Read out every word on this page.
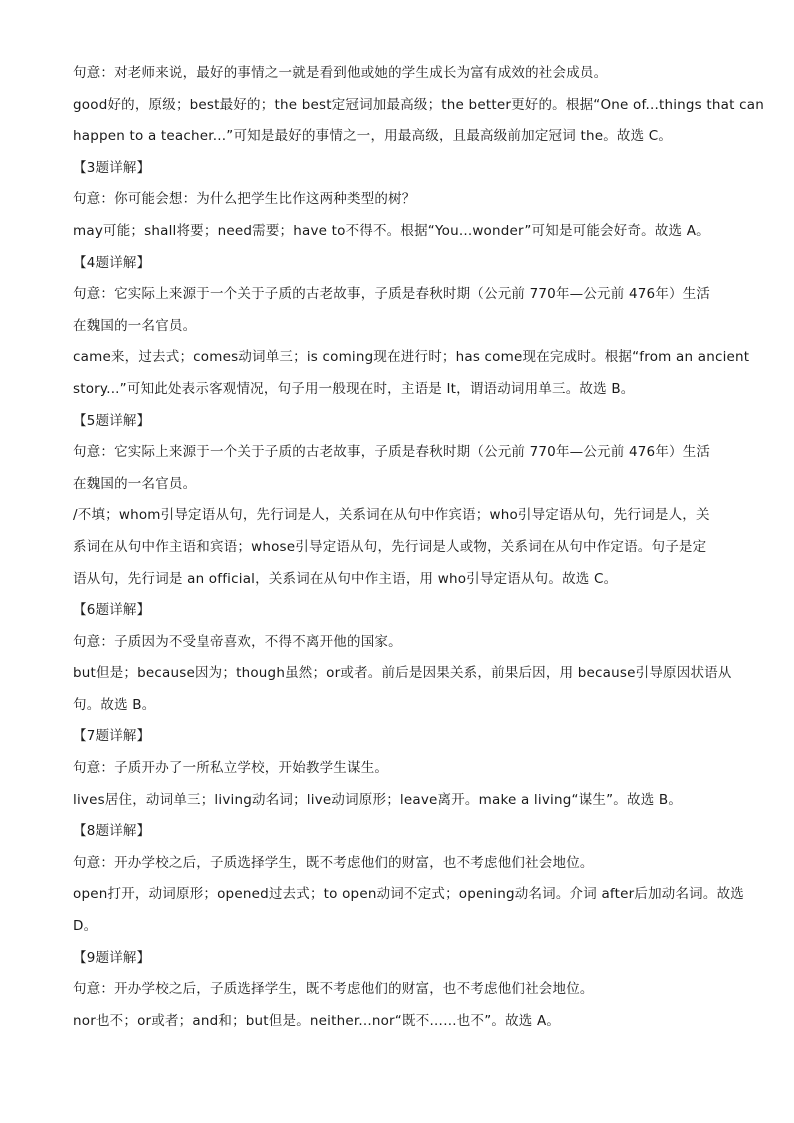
句意：对老师来说，最好的事情之一就是看到他或她的学生成长为富有成效的社会成员。
good好的，原级；best最好的；the best定冠词加最高级；the better更好的。根据“One of...things that can
happen to a teacher...”可知是最好的事情之一，用最高级，且最高级前加定冠词 the。故选 C。
【3题详解】
句意：你可能会想：为什么把学生比作这两种类型的树？
may可能；shall将要；need需要；have to不得不。根据“You...wonder”可知是可能会好奇。故选 A。
【4题详解】
句意：它实际上来源于一个关于子质的古老故事，子质是春秋时期（公元前 770年—公元前 476年）生活
在魏国的一名官员。
came来，过去式；comes动词单三；is coming现在进行时；has come现在完成时。根据“from an ancient
story...”可知此处表示客观情况，句子用一般现在时，主语是 It，谓语动词用单三。故选 B。
【5题详解】
句意：它实际上来源于一个关于子质的古老故事，子质是春秋时期（公元前 770年—公元前 476年）生活
在魏国的一名官员。
/不填；whom引导定语从句，先行词是人，关系词在从句中作宾语；who引导定语从句，先行词是人，关
系词在从句中作主语和宾语；whose引导定语从句，先行词是人或物，关系词在从句中作定语。句子是定
语从句，先行词是 an official，关系词在从句中作主语，用 who引导定语从句。故选 C。
【6题详解】
句意：子质因为不受皇帝喜欢，不得不离开他的国家。
but但是；because因为；though虽然；or或者。前后是因果关系，前果后因，用 because引导原因状语从
句。故选 B。
【7题详解】
句意：子质开办了一所私立学校，开始教学生谋生。
lives居住，动词单三；living动名词；live动词原形；leave离开。make a living“谋生”。故选 B。
【8题详解】
句意：开办学校之后，子质选择学生，既不考虑他们的财富，也不考虑他们社会地位。
open打开，动词原形；opened过去式；to open动词不定式；opening动名词。介词 after后加动名词。故选
D。
【9题详解】
句意：开办学校之后，子质选择学生，既不考虑他们的财富，也不考虑他们社会地位。
nor也不；or或者；and和；but但是。neither...nor“既不……也不”。故选 A。
